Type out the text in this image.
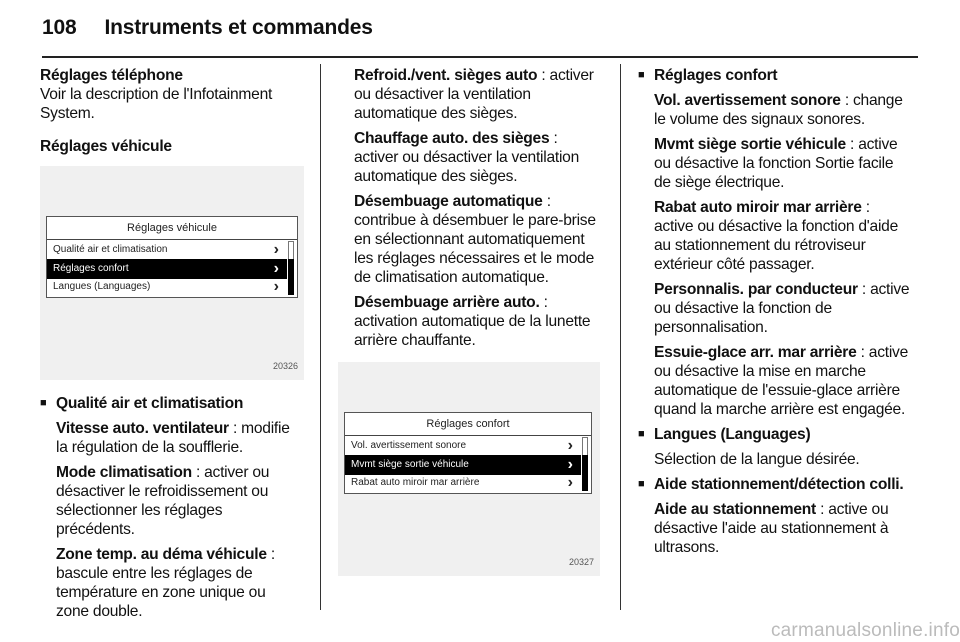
108 Instruments et commandes

Réglages téléphone

Voir la description de l'Infotainment System.

Réglages véhicule

Réglages véhicule
Qualité air et climatisation	›
Réglages confort	›
Langues (Languages)	›
20326
■ Qualité air et climatisation

Vitesse auto. ventilateur : modifie la régulation de la soufflerie.

Mode climatisation : activer ou désactiver le refroidissement ou sélectionner les réglages précédents.

Zone temp. au déma véhicule : bascule entre les réglages de température en zone unique ou zone double.

Refroid./vent. sièges auto : activer ou désactiver la ventilation automatique des sièges.

Chauffage auto. des sièges : activer ou désactiver la ventilation automatique des sièges.

Désembuage automatique : contribue à désembuer le pare-brise en sélectionnant automatiquement les réglages nécessaires et le mode de climatisation automatique.

Désembuage arrière auto. : activation automatique de la lunette arrière chauffante.

Réglages confort
Vol. avertissement sonore	›
Mvmt siège sortie véhicule	›
Rabat auto miroir mar arrière	›
20327
■ Réglages confort

Vol. avertissement sonore : change le volume des signaux sonores.

Mvmt siège sortie véhicule : active ou désactive la fonction Sortie facile de siège électrique.

Rabat auto miroir mar arrière : active ou désactive la fonction d'aide au stationnement du rétroviseur extérieur côté passager.

Personnalis. par conducteur : active ou désactive la fonction de personnalisation.

Essuie-glace arr. mar arrière : active ou désactive la mise en marche automatique de l'essuie-glace arrière quand la marche arrière est engagée.

■ Langues (Languages)

Sélection de la langue désirée.

■ Aide stationnement/détection colli.

Aide au stationnement : active ou désactive l'aide au stationnement à ultrasons.

carmanualsonline.info
